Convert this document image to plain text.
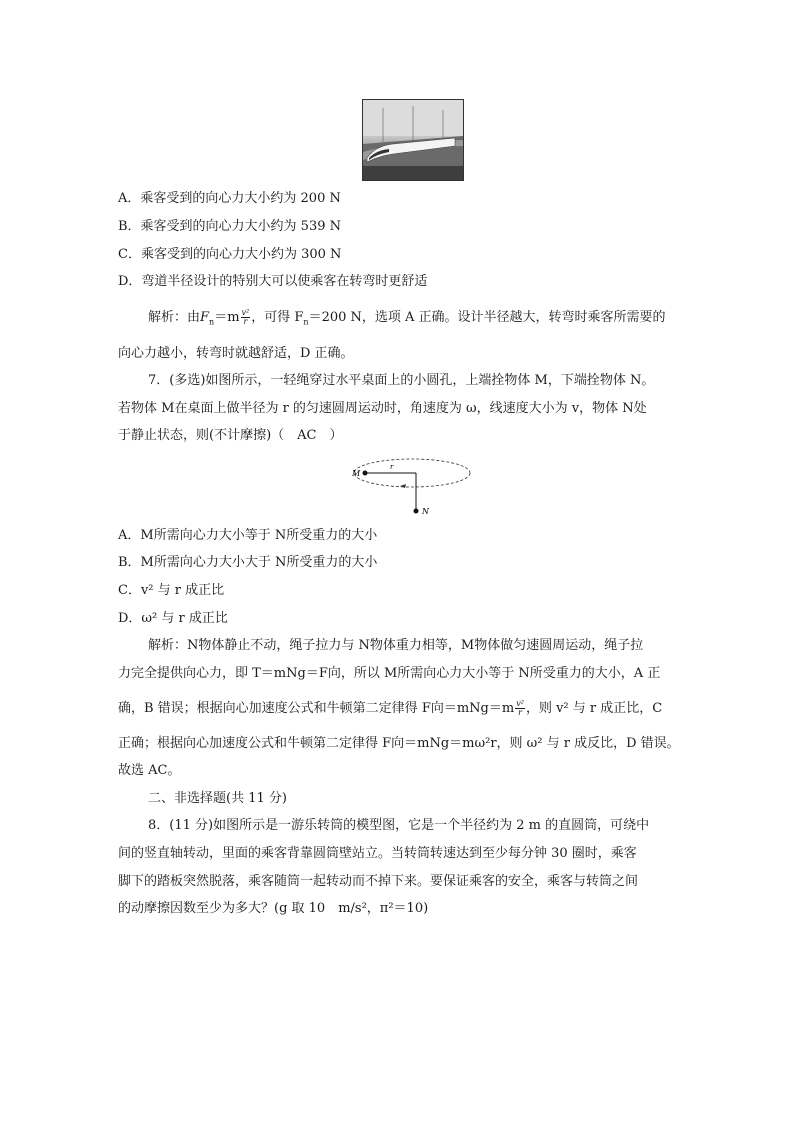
A．乘客受到的向心力大小约为 200 N
B．乘客受到的向心力大小约为 539 N
C．乘客受到的向心力大小约为 300 N
D．弯道半径设计的特别大可以使乘客在转弯时更舒适
解析：由$F_n=m \frac{\text{v²}}{r}$ ，可得 $F_n=200$ N，选项 A 正确。设计半径越大，转弯时乘客所需要的
向心力越小，转弯时就越舒适，D 正确。
7．(多选)如图所示，一轻绳穿过水平桌面上的小圆孔，上端拴物体 M，下端拴物体 N。
若物体 M在桌面上做半径为 r 的匀速圆周运动时，角速度为 ω，线速度大小为 v，物体 N处
于静止状态，则(不计摩擦)（　AC　）
M
r
N
A．M所需向心力大小等于 N所受重力的大小
B．M所需向心力大小大于 N所受重力的大小
C．v² 与 r 成正比
D．ω² 与 r 成正比
解析：N物体静止不动，绳子拉力与 N物体重力相等，M物体做匀速圆周运动，绳子拉
力完全提供向心力，即 T＝mNg＝F向，所以 M所需向心力大小等于 N所受重力的大小，A 正
确，B 错误；根据向心加速度公式和牛顿第二定律得 F向$=mNg=m \frac{\text{v²}}{r}$ ，则 v² 与 r 成正比，C
正确；根据向心加速度公式和牛顿第二定律得 F向＝mNg＝mω²r，则 ω² 与 r 成反比，D 错误。
故选 AC。
二、非选择题(共 11 分)
8．(11 分)如图所示是一游乐转筒的模型图，它是一个半径约为 2 m 的直圆筒，可绕中
间的竖直轴转动，里面的乘客背靠圆筒壁站立。当转筒转速达到至少每分钟 30 圈时，乘客
脚下的踏板突然脱落，乘客随筒一起转动而不掉下来。要保证乘客的安全，乘客与转筒之间
的动摩擦因数至少为多大？(g 取 10　m/s²，π²＝10)
